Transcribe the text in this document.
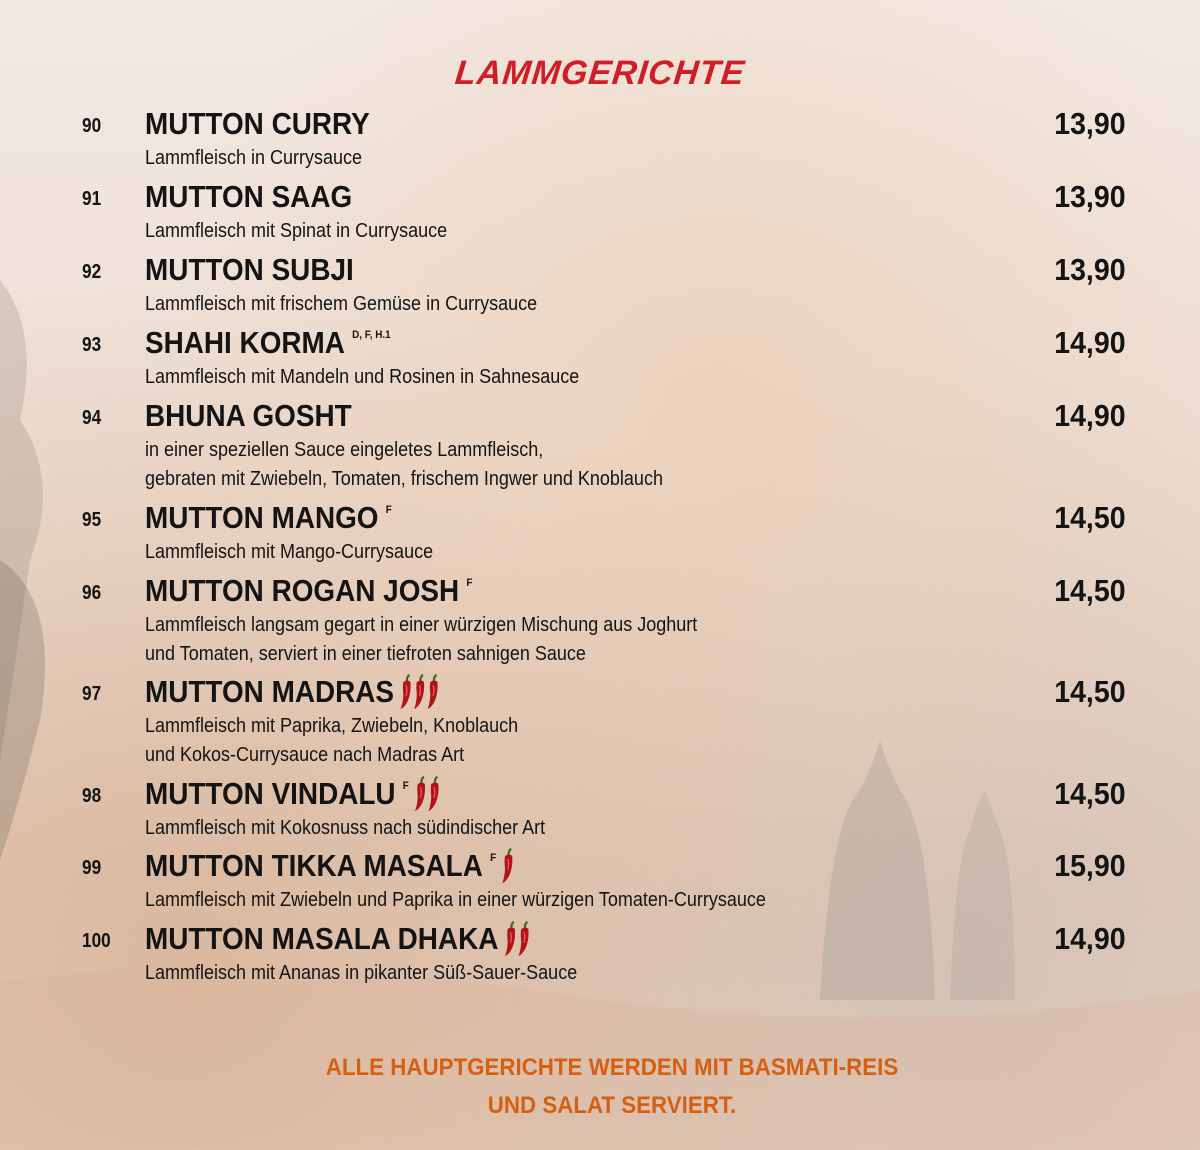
LAMMGERICHTE
90 MUTTON CURRY	13,90
Lammfleisch in Currysauce
91 MUTTON SAAG	13,90
Lammfleisch mit Spinat in Currysauce
92 MUTTON SUBJI	13,90
Lammfleisch mit frischem Gemüse in Currysauce
93 SHAHI KORMA D, F, H.1	14,90
Lammfleisch mit Mandeln und Rosinen in Sahnesauce
94 BHUNA GOSHT	14,90
in einer speziellen Sauce eingeletes Lammfleisch,
gebraten mit Zwiebeln, Tomaten, frischem Ingwer und Knoblauch
95 MUTTON MANGO F	14,50
Lammfleisch mit Mango-Currysauce
96 MUTTON ROGAN JOSH F	14,50
Lammfleisch langsam gegart in einer würzigen Mischung aus Joghurt
und Tomaten, serviert in einer tiefroten sahnigen Sauce
97 MUTTON MADRAS	14,50
Lammfleisch mit Paprika, Zwiebeln, Knoblauch
und Kokos-Currysauce nach Madras Art
98 MUTTON VINDALU F	14,50
Lammfleisch mit Kokosnuss nach südindischer Art
99 MUTTON TIKKA MASALA F	15,90
Lammfleisch mit Zwiebeln und Paprika in einer würzigen Tomaten-Currysauce
100 MUTTON MASALA DHAKA	14,90
Lammfleisch mit Ananas in pikanter Süß-Sauer-Sauce
ALLE HAUPTGERICHTE WERDEN MIT BASMATI-REIS
UND SALAT SERVIERT.
